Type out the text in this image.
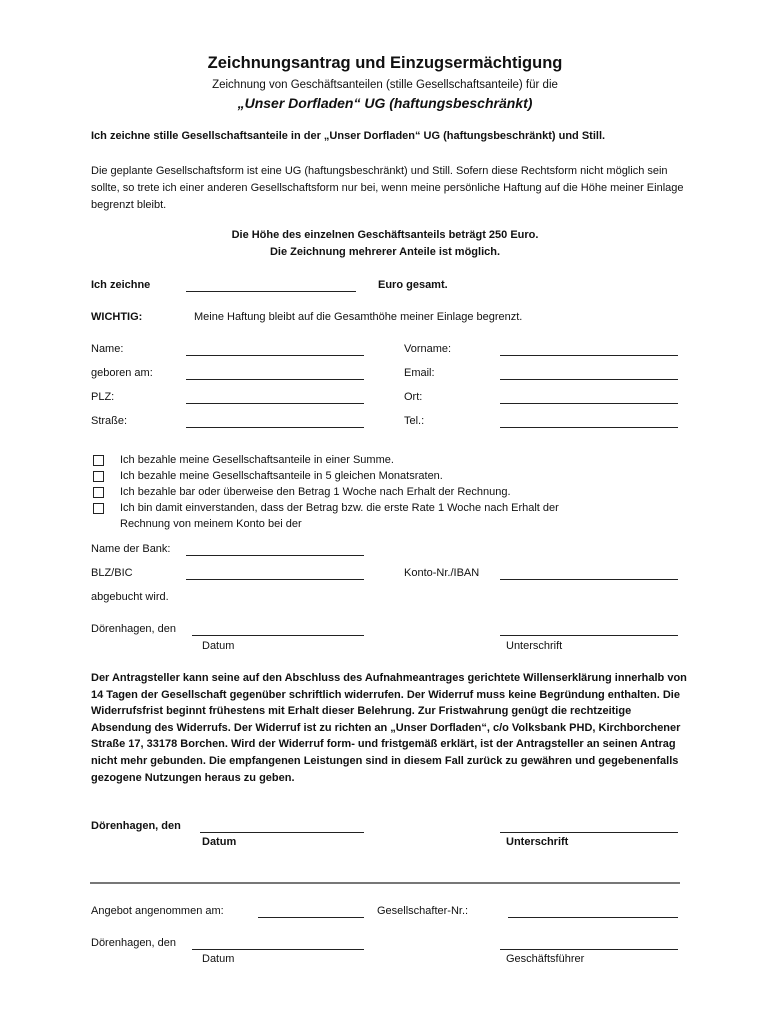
Zeichnungsantrag und Einzugsermächtigung
Zeichnung von Geschäftsanteilen (stille Gesellschaftsanteile) für die
„Unser Dorfladen“ UG (haftungsbeschränkt)
Ich zeichne stille Gesellschaftsanteile in der „Unser Dorfladen“ UG (haftungsbeschränkt) und Still.
Die geplante Gesellschaftsform ist eine UG (haftungsbeschränkt) und Still. Sofern diese Rechtsform nicht möglich sein sollte, so trete ich einer anderen Gesellschaftsform nur bei, wenn meine persönliche Haftung auf die Höhe meiner Einlage begrenzt bleibt.
Die Höhe des einzelnen Geschäftsanteils beträgt 250 Euro.
Die Zeichnung mehrerer Anteile ist möglich.
Ich zeichne	Euro gesamt.
WICHTIG:	Meine Haftung bleibt auf die Gesamthöhe meiner Einlage begrenzt.
Name:	Vorname:
geboren am:	Email:
PLZ:	Ort:
Straße:	Tel.:
Ich bezahle meine Gesellschaftsanteile in einer Summe.
Ich bezahle meine Gesellschaftsanteile in 5 gleichen Monatsraten.
Ich bezahle bar oder überweise den Betrag 1 Woche nach Erhalt der Rechnung.
Ich bin damit einverstanden, dass der Betrag bzw. die erste Rate 1 Woche nach Erhalt der
Rechnung von meinem Konto bei der
Name der Bank:
BLZ/BIC	Konto-Nr./IBAN
abgebucht wird.
Dörenhagen, den
Datum	Unterschrift
Der Antragsteller kann seine auf den Abschluss des Aufnahmeantrages gerichtete Willenserklärung innerhalb von 14 Tagen der Gesellschaft gegenüber schriftlich widerrufen. Der Widerruf muss keine Begründung enthalten. Die Widerrufsfrist beginnt frühestens mit Erhalt dieser Belehrung. Zur Fristwahrung genügt die rechtzeitige Absendung des Widerrufs. Der Widerruf ist zu richten an „Unser Dorfladen“, c/o Volksbank PHD, Kirchborchener Straße 17, 33178 Borchen. Wird der Widerruf form- und fristgemäß erklärt, ist der Antragsteller an seinen Antrag nicht mehr gebunden. Die empfangenen Leistungen sind in diesem Fall zurück zu gewähren und gegebenenfalls gezogene Nutzungen heraus zu geben.
Dörenhagen, den
Datum	Unterschrift
Angebot angenommen am:	Gesellschafter-Nr.:
Dörenhagen, den
Datum	Geschäftsführer
